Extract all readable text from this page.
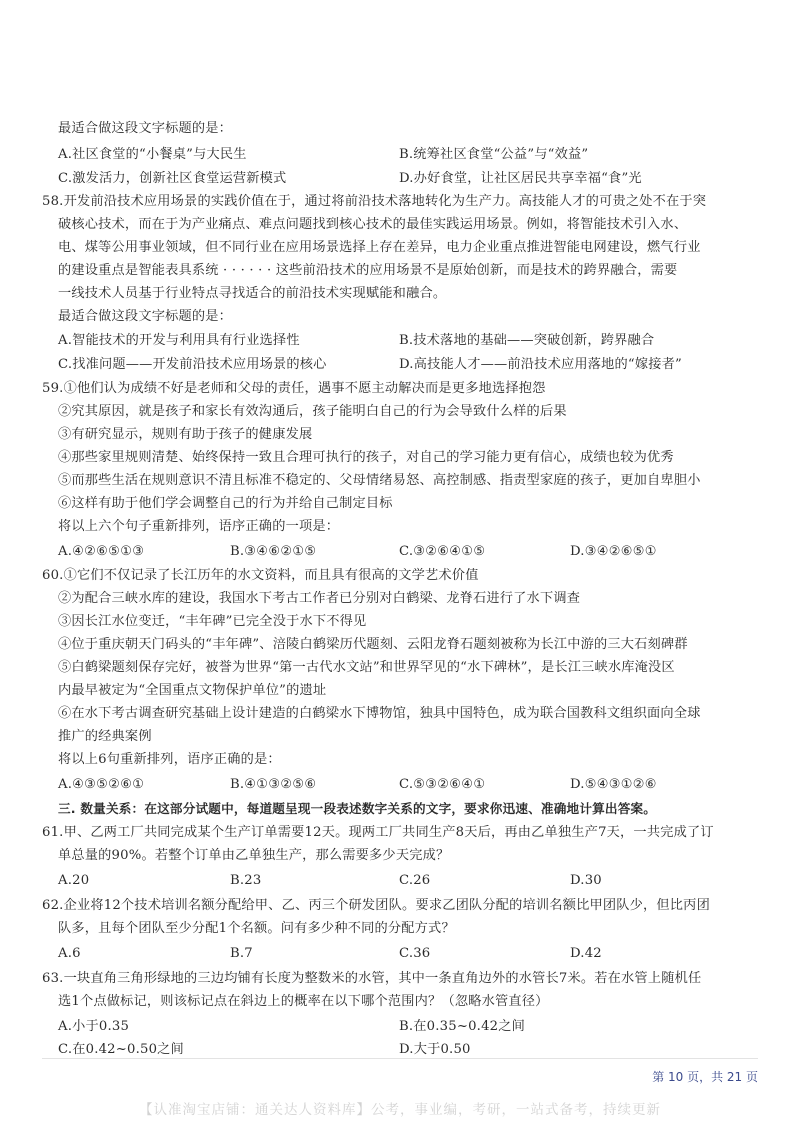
最适合做这段文字标题的是：
A.社区食堂的“小餐桌”与大民生	B.统筹社区食堂“公益”与“效益”
C.激发活力，创新社区食堂运营新模式	D.办好食堂，让社区居民共享幸福“食”光
58.开发前沿技术应用场景的实践价值在于，通过将前沿技术落地转化为生产力。高技能人才的可贵之处不在于突
破核心技术，而在于为产业痛点、难点问题找到核心技术的最佳实践运用场景。例如，将智能技术引入水、
电、煤等公用事业领域，但不同行业在应用场景选择上存在差异，电力企业重点推进智能电网建设，燃气行业
的建设重点是智能表具系统 · · · · · · 这些前沿技术的应用场景不是原始创新，而是技术的跨界融合，需要
一线技术人员基于行业特点寻找适合的前沿技术实现赋能和融合。
最适合做这段文字标题的是：
A.智能技术的开发与利用具有行业选择性	B.技术落地的基础——突破创新，跨界融合
C.找准问题——开发前沿技术应用场景的核心	D.高技能人才——前沿技术应用落地的“嫁接者”
59.①他们认为成绩不好是老师和父母的责任，遇事不愿主动解决而是更多地选择抱怨
②究其原因，就是孩子和家长有效沟通后，孩子能明白自己的行为会导致什么样的后果
③有研究显示，规则有助于孩子的健康发展
④那些家里规则清楚、始终保持一致且合理可执行的孩子，对自己的学习能力更有信心，成绩也较为优秀
⑤而那些生活在规则意识不清且标准不稳定的、父母情绪易怒、高控制感、指责型家庭的孩子，更加自卑胆小
⑥这样有助于他们学会调整自己的行为并给自己制定目标
将以上六个句子重新排列，语序正确的一项是：
A.④②⑥⑤①③	B.③④⑥②①⑤	C.③②⑥④①⑤	D.③④②⑥⑤①
60.①它们不仅记录了长江历年的水文资料，而且具有很高的文学艺术价值
②为配合三峡水库的建设，我国水下考古工作者已分别对白鹤梁、龙脊石进行了水下调查
③因长江水位变迁，“丰年碑”已完全没于水下不得见
④位于重庆朝天门码头的“丰年碑”、涪陵白鹤梁历代题刻、云阳龙脊石题刻被称为长江中游的三大石刻碑群
⑤白鹤梁题刻保存完好，被誉为世界“第一古代水文站”和世界罕见的“水下碑林”，是长江三峡水库淹没区
内最早被定为“全国重点文物保护单位”的遗址
⑥在水下考古调查研究基础上设计建造的白鹤梁水下博物馆，独具中国特色，成为联合国教科文组织面向全球
推广的经典案例
将以上6句重新排列，语序正确的是：
A.④③⑤②⑥①	B.④①③②⑤⑥	C.⑤③②⑥④①	D.⑤④③①②⑥
三. 数量关系：在这部分试题中，每道题呈现一段表述数字关系的文字，要求你迅速、准确地计算出答案。
61.甲、乙两工厂共同完成某个生产订单需要12天。现两工厂共同生产8天后，再由乙单独生产7天，一共完成了订
单总量的90%。若整个订单由乙单独生产，那么需要多少天完成？
A.20	B.23	C.26	D.30
62.企业将12个技术培训名额分配给甲、乙、丙三个研发团队。要求乙团队分配的培训名额比甲团队少，但比丙团
队多，且每个团队至少分配1个名额。问有多少种不同的分配方式？
A.6	B.7	C.36	D.42
63.一块直角三角形绿地的三边均铺有长度为整数米的水管，其中一条直角边外的水管长7米。若在水管上随机任
选1个点做标记，则该标记点在斜边上的概率在以下哪个范围内？（忽略水管直径）
A.小于0.35	B.在0.35~0.42之间
C.在0.42~0.50之间	D.大于0.50
第 10 页，共 21 页
【认准淘宝店铺：通关达人资料库】公考，事业编，考研，一站式备考，持续更新
